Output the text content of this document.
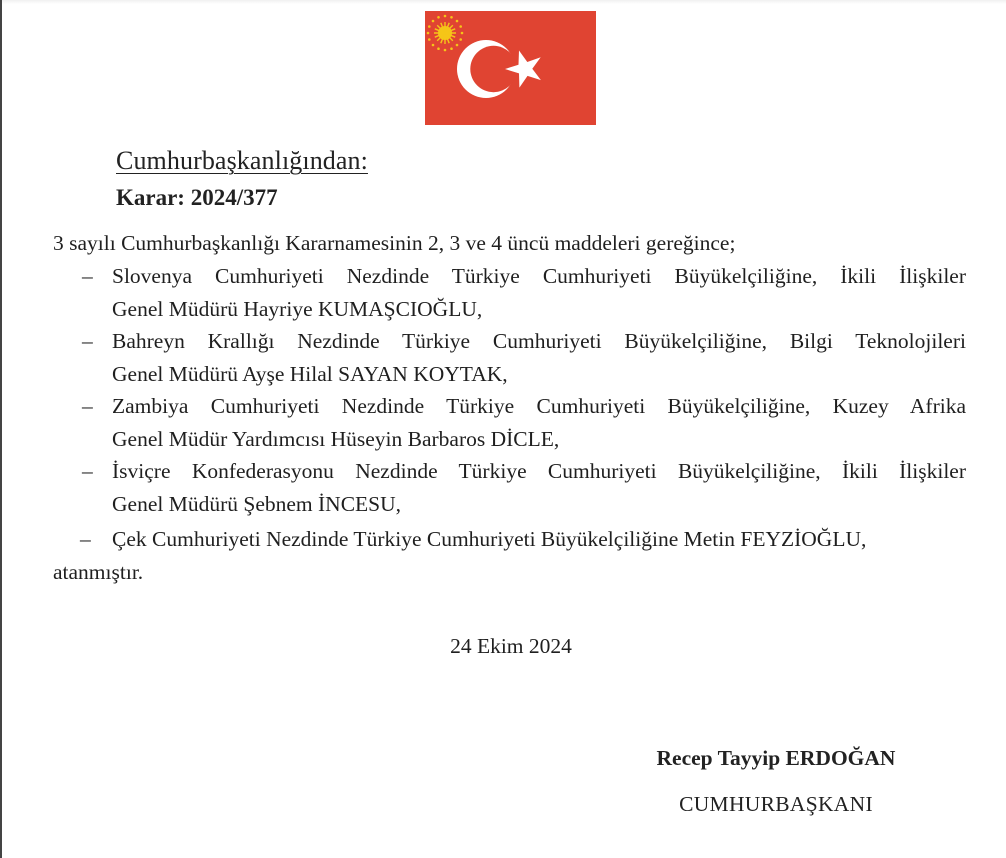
Cumhurbaşkanlığından:
Karar: 2024/377
3 sayılı Cumhurbaşkanlığı Kararnamesinin 2, 3 ve 4 üncü maddeleri gereğince;
– Slovenya Cumhuriyeti Nezdinde Türkiye Cumhuriyeti Büyükelçiliğine, İkili İlişkiler
Genel Müdürü Hayriye KUMAŞCIOĞLU,
– Bahreyn Krallığı Nezdinde Türkiye Cumhuriyeti Büyükelçiliğine, Bilgi Teknolojileri
Genel Müdürü Ayşe Hilal SAYAN KOYTAK,
– Zambiya Cumhuriyeti Nezdinde Türkiye Cumhuriyeti Büyükelçiliğine, Kuzey Afrika
Genel Müdür Yardımcısı Hüseyin Barbaros DİCLE,
– İsviçre Konfederasyonu Nezdinde Türkiye Cumhuriyeti Büyükelçiliğine, İkili İlişkiler
Genel Müdürü Şebnem İNCESU,
– Çek Cumhuriyeti Nezdinde Türkiye Cumhuriyeti Büyükelçiliğine Metin FEYZİOĞLU,
atanmıştır.
24 Ekim 2024
Recep Tayyip ERDOĞAN
CUMHURBAŞKANI
